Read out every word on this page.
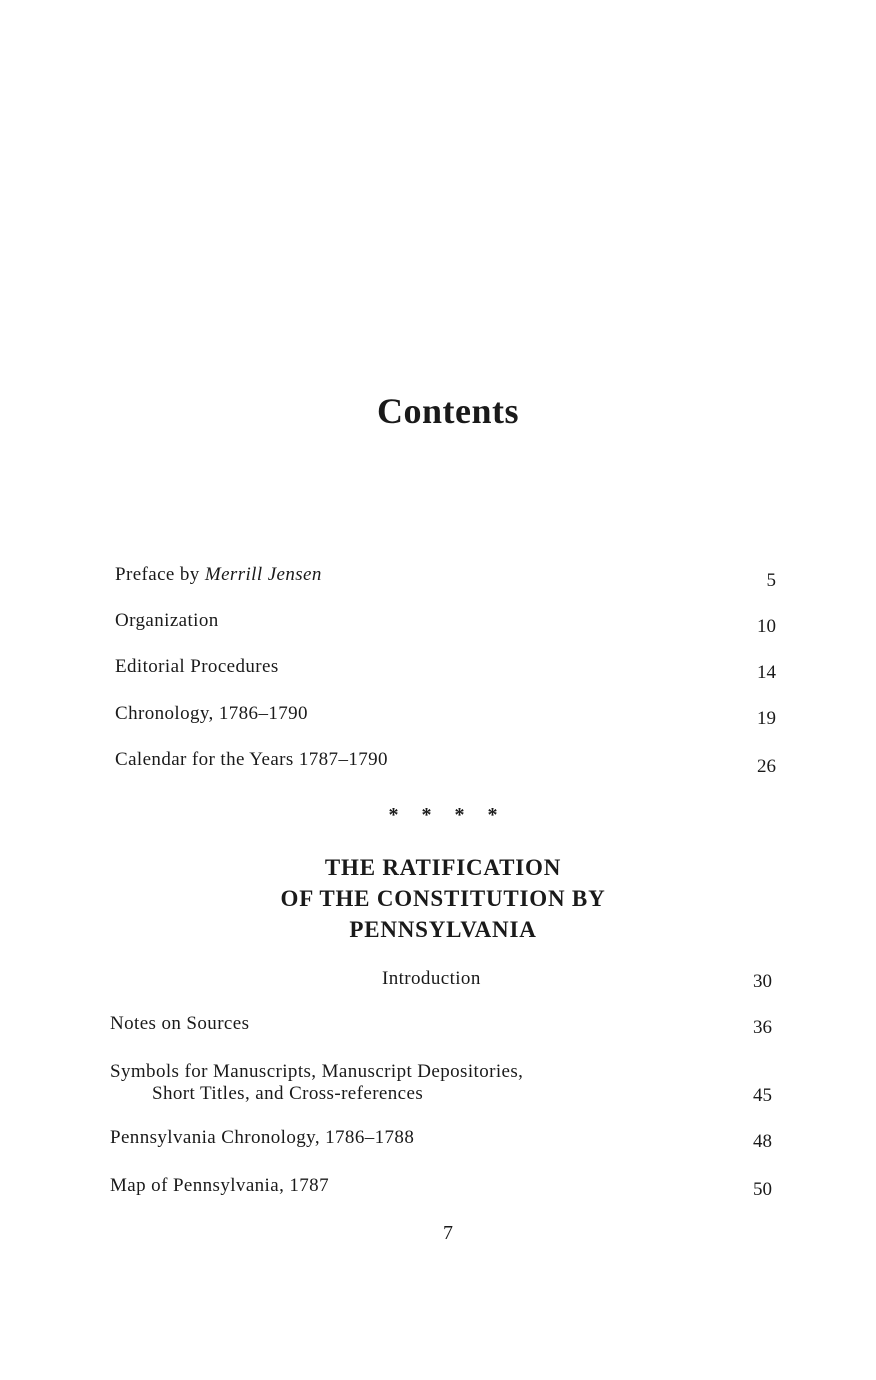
Contents
Preface by Merrill Jensen	5
Organization	10
Editorial Procedures	14
Chronology, 1786–1790	19
Calendar for the Years 1787–1790	26
* * * *
THE RATIFICATION
OF THE CONSTITUTION BY
PENNSYLVANIA
Introduction	30
Notes on Sources	36
Symbols for Manuscripts, Manuscript Depositories,
Short Titles, and Cross-references	45
Pennsylvania Chronology, 1786–1788	48
Map of Pennsylvania, 1787	50
7
